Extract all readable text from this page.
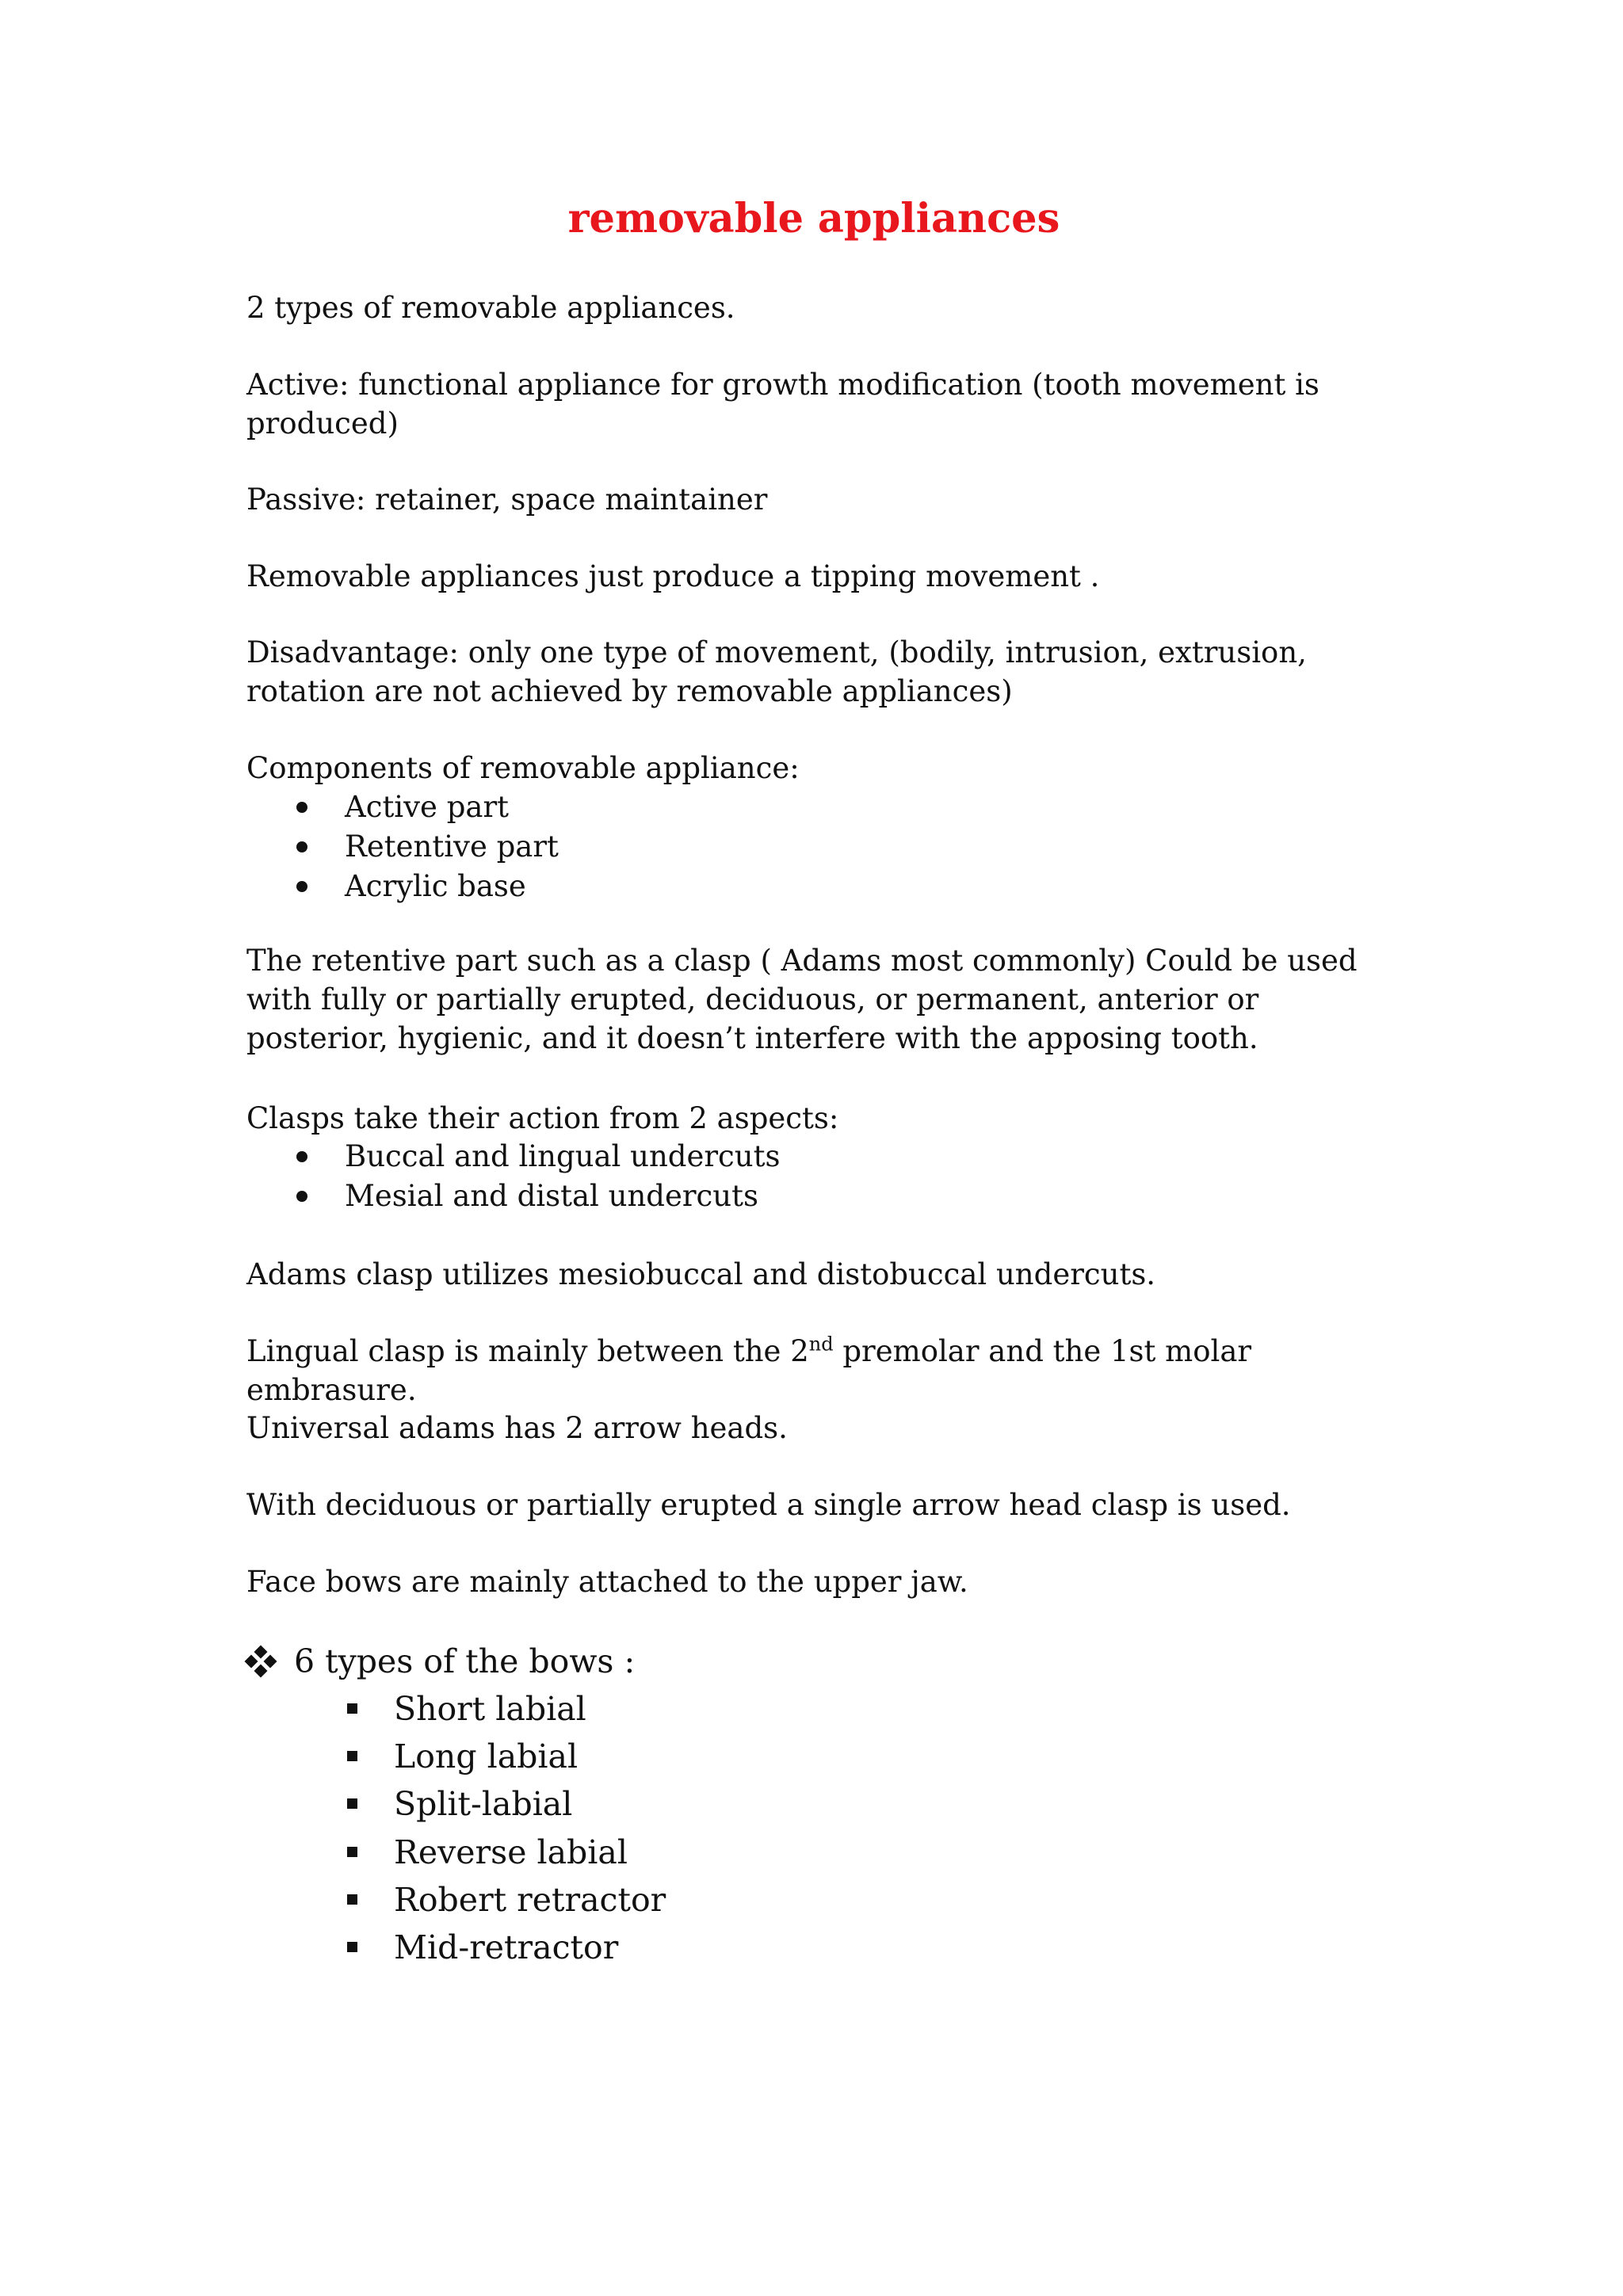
removable appliances

2 types of removable appliances.

Active: functional appliance for growth modification (tooth movement is produced)

Passive: retainer, space maintainer

Removable appliances just produce a tipping movement .

Disadvantage: only one type of movement, (bodily, intrusion, extrusion, rotation are not achieved by removable appliances)

Components of removable appliance:

Active part
Retentive part
Acrylic base

The retentive part such as a clasp ( Adams most commonly) Could be used with fully or partially erupted, deciduous, or permanent, anterior or posterior, hygienic, and it doesn’t interfere with the apposing tooth.

Clasps take their action from 2 aspects:

Buccal and lingual undercuts
Mesial and distal undercuts

Adams clasp utilizes mesiobuccal and distobuccal undercuts.

Lingual clasp is mainly between the 2nd premolar and the 1st molar embrasure.

Universal adams has 2 arrow heads.

With deciduous or partially erupted a single arrow head clasp is used.

Face bows are mainly attached to the upper jaw.

6 types of the bows :
Short labial
Long labial
Split-labial
Reverse labial
Robert retractor
Mid-retractor
